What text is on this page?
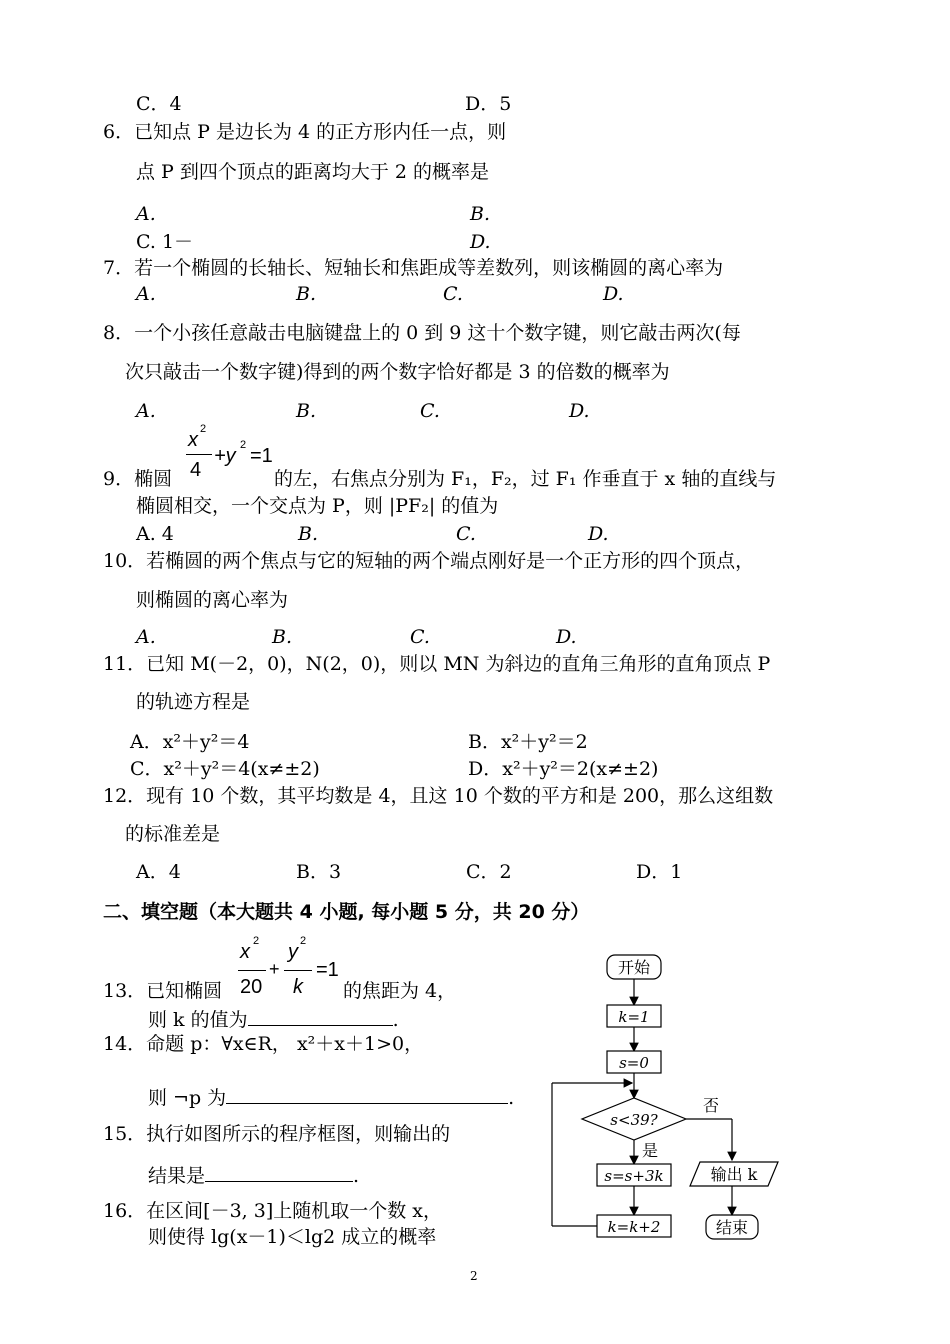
C．4	D．5
6．已知点 P 是边长为 4 的正方形内任一点，则
点 P 到四个顶点的距离均大于 2 的概率是
A.	B.
C. 1－	D.
7．若一个椭圆的长轴长、短轴长和焦距成等差数列，则该椭圆的离心率为
A.	B.	C.	D.
8．一个小孩任意敲击电脑键盘上的 0 到 9 这十个数字键，则它敲击两次(每
次只敲击一个数字键)得到的两个数字恰好都是 3 的倍数的概率为
A.	B.	C.	D.
x 2
4
+y 2 =1
9．椭圆	的左，右焦点分别为 F₁，F₂，过 F₁ 作垂直于 x 轴的直线与
椭圆相交，一个交点为 P，则 |PF₂| 的值为
A. 4	B.	C.	D.
10．若椭圆的两个焦点与它的短轴的两个端点刚好是一个正方形的四个顶点，
则椭圆的离心率为
A.	B.	C.	D.
11．已知 M(－2，0)，N(2，0)，则以 MN 为斜边的直角三角形的直角顶点 P
的轨迹方程是
A．x²＋y²＝4	B．x²＋y²＝2
C．x²＋y²＝4(x≠±2)	D．x²＋y²＝2(x≠±2)
12．现有 10 个数，其平均数是 4，且这 10 个数的平方和是 200，那么这组数
的标准差是
A．4	B．3	C．2	D．1
二、填空题（本大题共 4 小题, 每小题 5 分，共 20 分）
x 2
20
+
y 2
k
=1
13．已知椭圆	的焦距为 4，
则 k 的值为	.
14．命题 p：∀x∈R， x²＋x＋1>0，
则 ¬p 为	.
15．执行如图所示的程序框图，则输出的
结果是	.
16．在区间[－3, 3]上随机取一个数 x，
则使得 lg(x－1)＜lg2 成立的概率
开始
k=1
s=0
s<39?
否
是
s=s+3k
k=k+2
输出 k
结束
2
